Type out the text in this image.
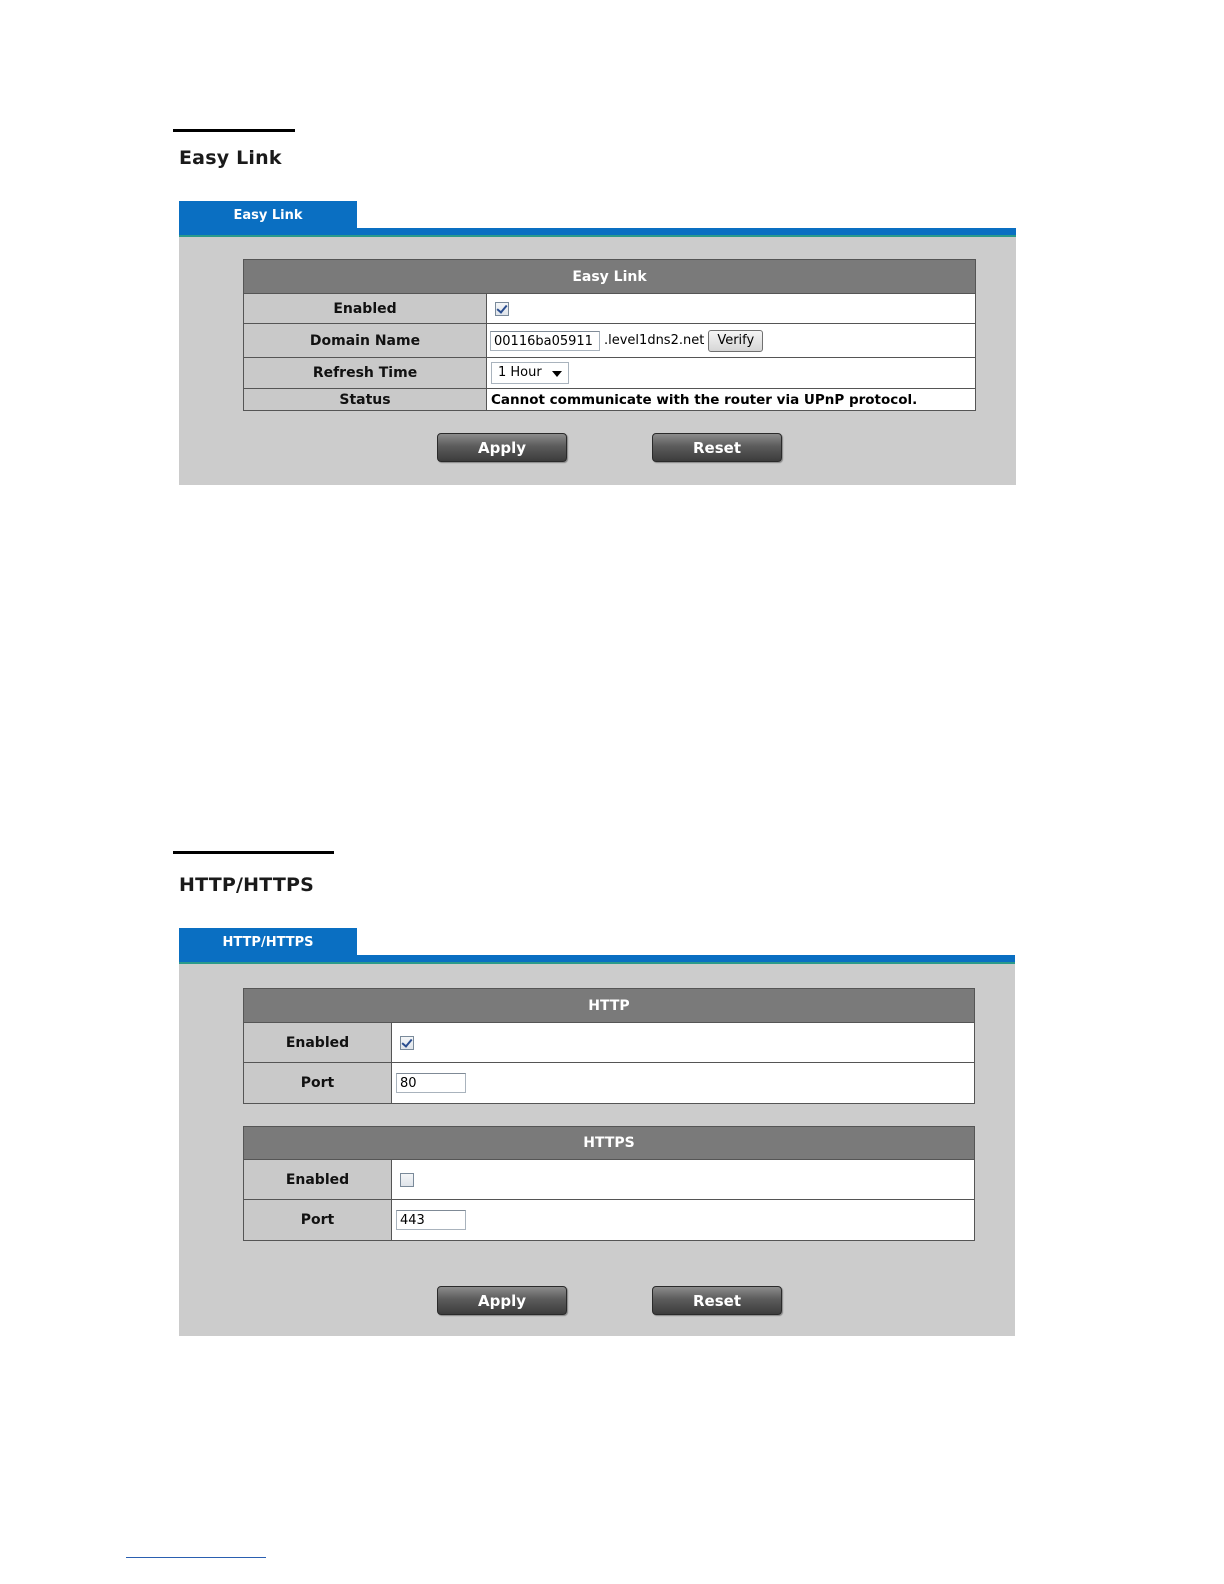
Easy Link
Easy Link
Easy Link	
Enabled	
Domain Name	00116ba05911 .level1dns2.net Verify
Refresh Time	1 Hour

Status	Cannot communicate with the router via UPnP protocol.
Apply	Reset
HTTP/HTTPS
HTTP/HTTPS
HTTP	
Enabled	
Port	80
HTTPS	
Enabled	
Port	443
Apply	Reset
